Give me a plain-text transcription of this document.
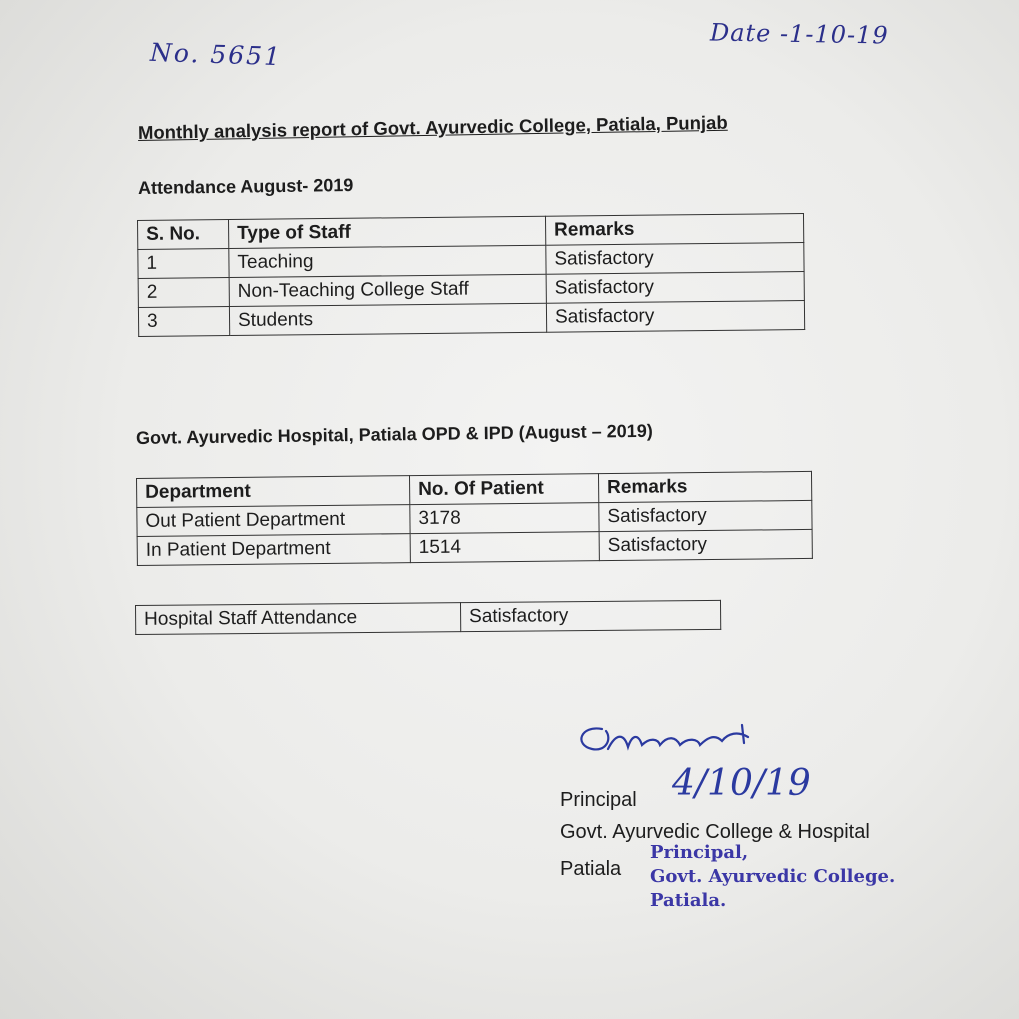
No. 5651
Date -1-10-19
Monthly analysis report of Govt. Ayurvedic College, Patiala, Punjab
Attendance August- 2019
S. No.	Type of Staff	Remarks
1	Teaching	Satisfactory
2	Non-Teaching College Staff	Satisfactory
3	Students	Satisfactory
Govt. Ayurvedic Hospital, Patiala OPD & IPD (August – 2019)
Department	No. Of Patient	Remarks
Out Patient Department	3178	Satisfactory
In Patient Department	1514	Satisfactory
Hospital Staff Attendance	Satisfactory
4/10/19
Principal
Govt. Ayurvedic College & Hospital
Patiala
Principal,
Govt. Ayurvedic College.
Patiala.
